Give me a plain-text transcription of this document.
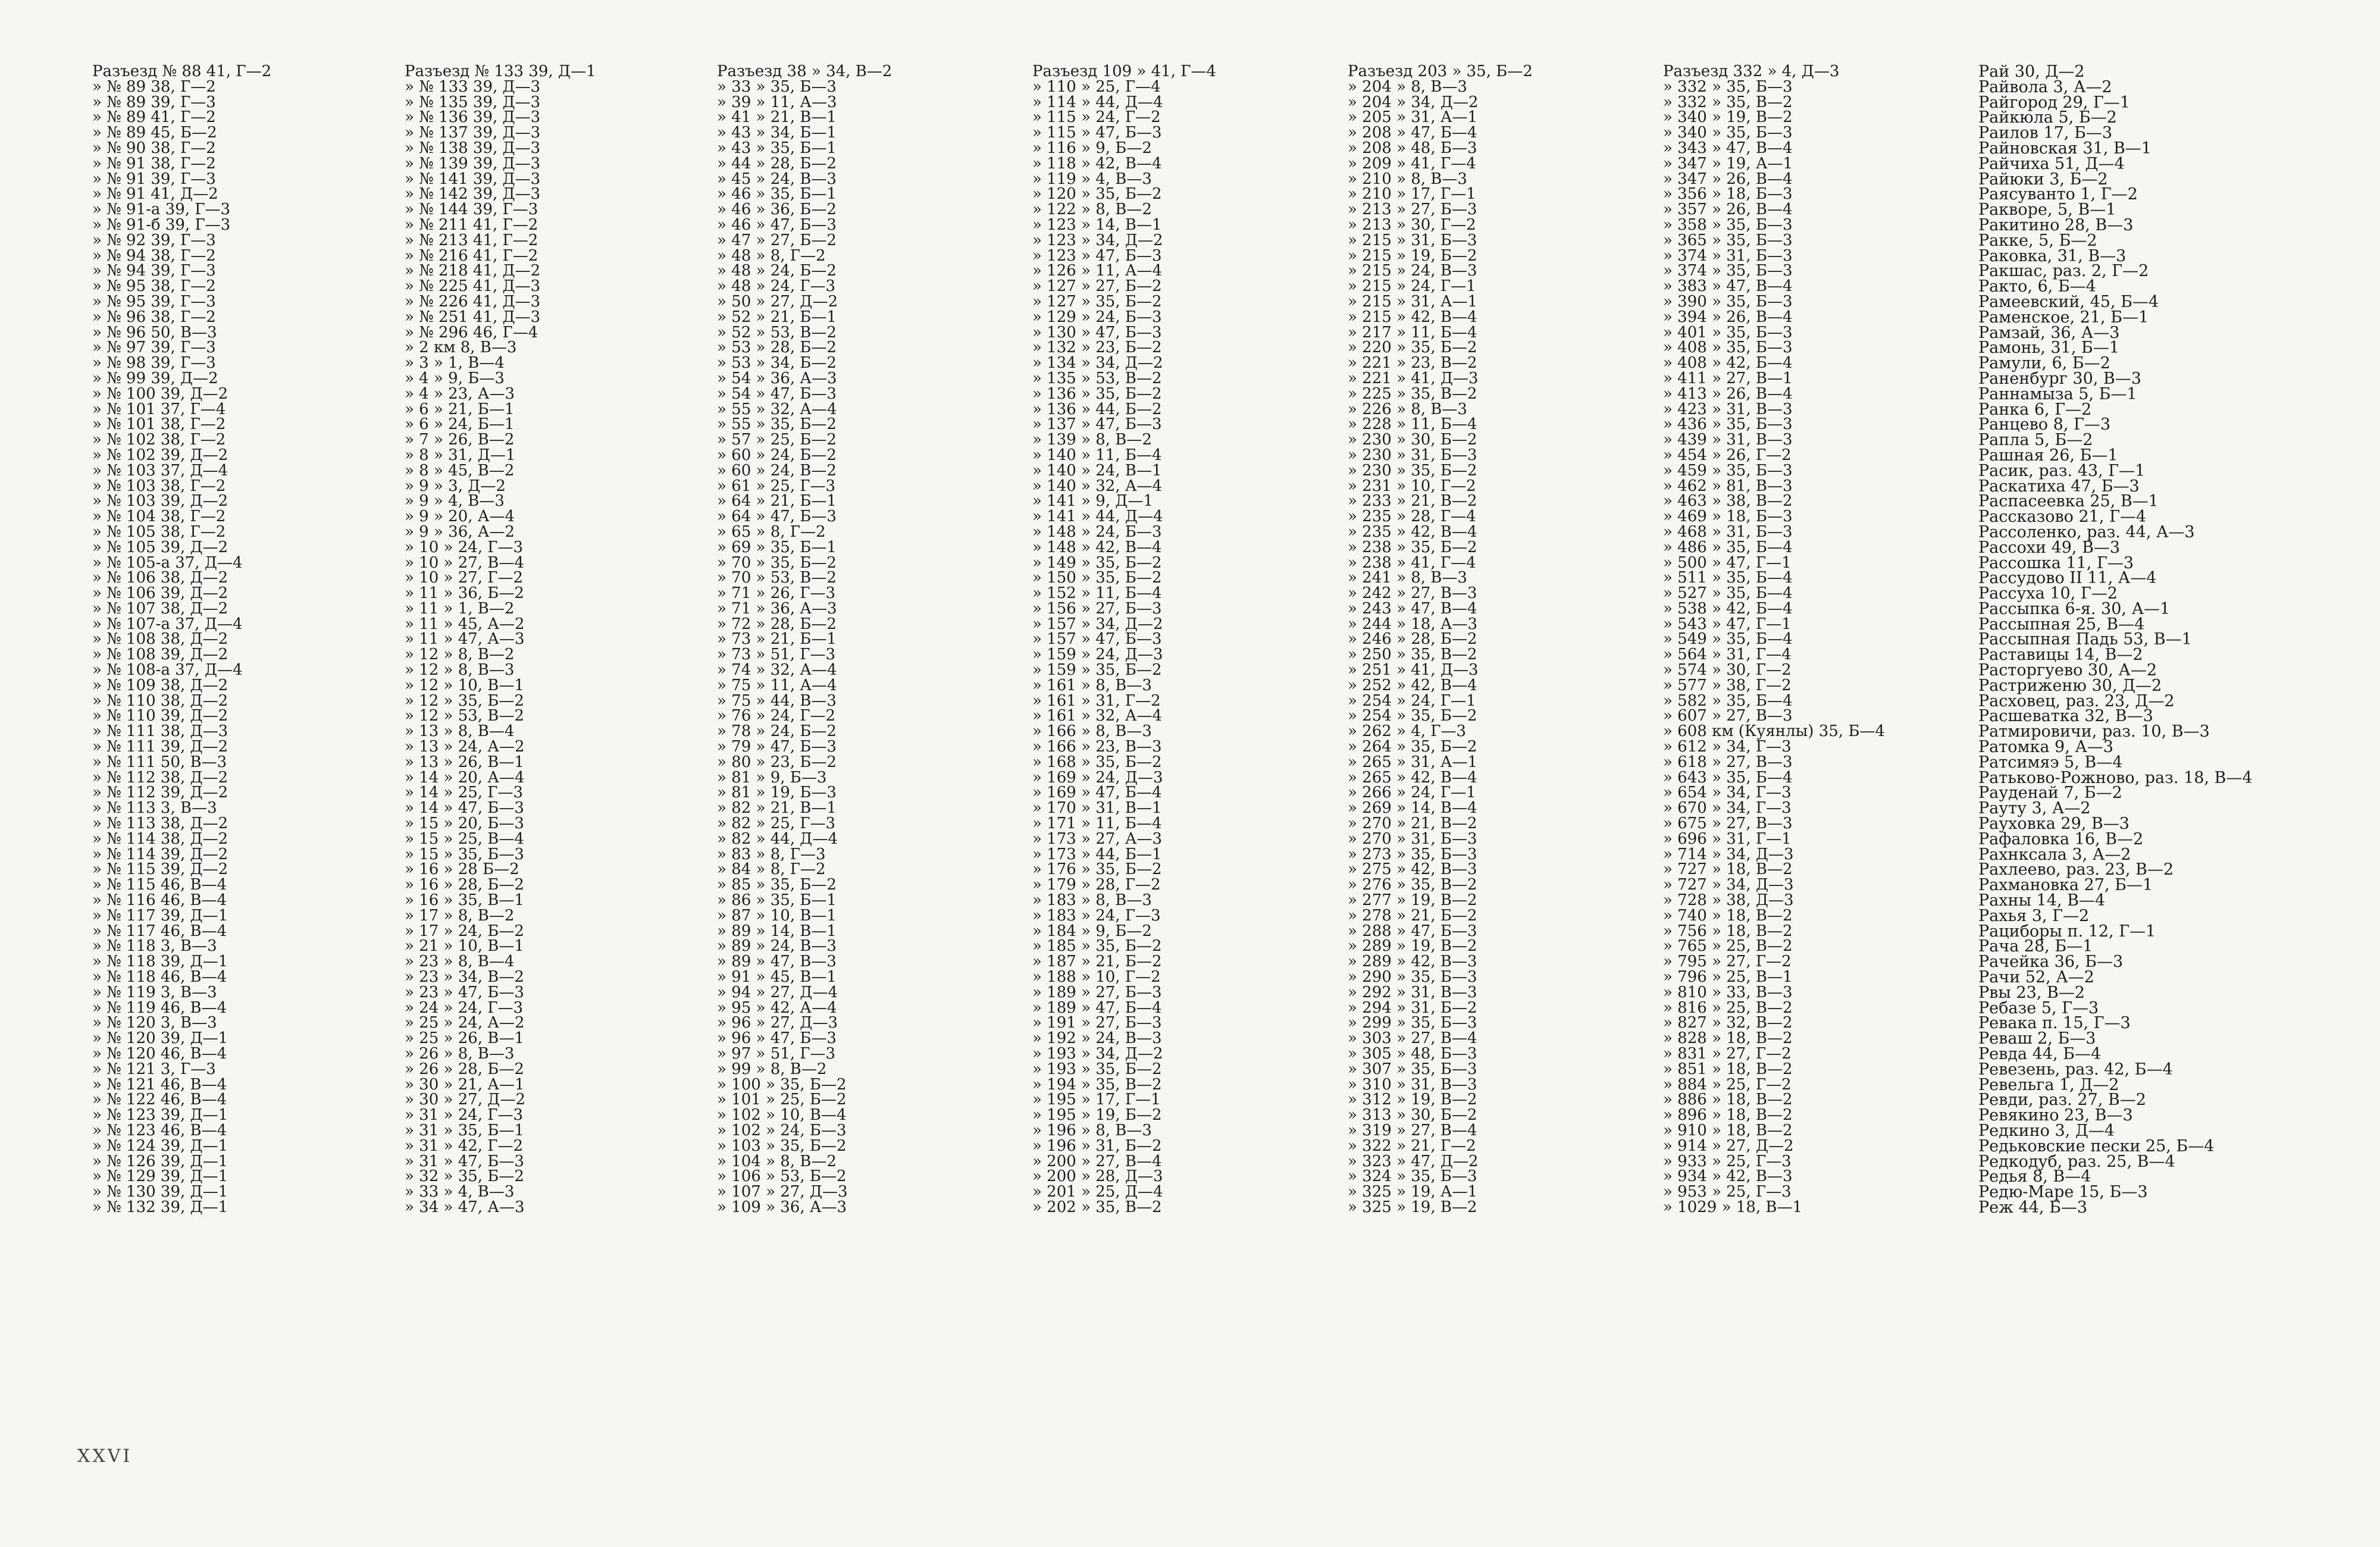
Разъезд № 88 41, Г—2
» № 89 38, Г—2
» № 89 39, Г—3
» № 89 41, Г—2
» № 89 45, Б—2
» № 90 38, Г—2
» № 91 38, Г—2
» № 91 39, Г—3
» № 91 41, Д—2
» № 91-а 39, Г—3
» № 91-б 39, Г—3
» № 92 39, Г—3
» № 94 38, Г—2
» № 94 39, Г—3
» № 95 38, Г—2
» № 95 39, Г—3
» № 96 38, Г—2
» № 96 50, В—3
» № 97 39, Г—3
» № 98 39, Г—3
» № 99 39, Д—2
» № 100 39, Д—2
» № 101 37, Г—4
» № 101 38, Г—2
» № 102 38, Г—2
» № 102 39, Д—2
» № 103 37, Д—4
» № 103 38, Г—2
» № 103 39, Д—2
» № 104 38, Г—2
» № 105 38, Г—2
» № 105 39, Д—2
» № 105-а 37, Д—4
» № 106 38, Д—2
» № 106 39, Д—2
» № 107 38, Д—2
» № 107-а 37, Д—4
» № 108 38, Д—2
» № 108 39, Д—2
» № 108-а 37, Д—4
» № 109 38, Д—2
» № 110 38, Д—2
» № 110 39, Д—2
» № 111 38, Д—3
» № 111 39, Д—2
» № 111 50, В—3
» № 112 38, Д—2
» № 112 39, Д—2
» № 113 3, В—3
» № 113 38, Д—2
» № 114 38, Д—2
» № 114 39, Д—2
» № 115 39, Д—2
» № 115 46, В—4
» № 116 46, В—4
» № 117 39, Д—1
» № 117 46, В—4
» № 118 3, В—3
» № 118 39, Д—1
» № 118 46, В—4
» № 119 3, В—3
» № 119 46, В—4
» № 120 3, В—3
» № 120 39, Д—1
» № 120 46, В—4
» № 121 3, Г—3
» № 121 46, В—4
» № 122 46, В—4
» № 123 39, Д—1
» № 123 46, В—4
» № 124 39, Д—1
» № 126 39, Д—1
» № 129 39, Д—1
» № 130 39, Д—1
» № 132 39, Д—1
Разъезд № 133 39, Д—1
» № 133 39, Д—3
» № 135 39, Д—3
» № 136 39, Д—3
» № 137 39, Д—3
» № 138 39, Д—3
» № 139 39, Д—3
» № 141 39, Д—3
» № 142 39, Д—3
» № 144 39, Г—3
» № 211 41, Г—2
» № 213 41, Г—2
» № 216 41, Г—2
» № 218 41, Д—2
» № 225 41, Д—3
» № 226 41, Д—3
» № 251 41, Д—3
» № 296 46, Г—4
» 2 км 8, В—3
» 3 » 1, В—4
» 4 » 9, Б—3
» 4 » 23, А—3
» 6 » 21, Б—1
» 6 » 24, Б—1
» 7 » 26, В—2
» 8 » 31, Д—1
» 8 » 45, В—2
» 9 » 3, Д—2
» 9 » 4, В—3
» 9 » 20, А—4
» 9 » 36, А—2
» 10 » 24, Г—3
» 10 » 27, В—4
» 10 » 27, Г—2
» 11 » 36, Б—2
» 11 » 1, В—2
» 11 » 45, А—2
» 11 » 47, А—3
» 12 » 8, В—2
» 12 » 8, В—3
» 12 » 10, В—1
» 12 » 35, Б—2
» 12 » 53, В—2
» 13 » 8, В—4
» 13 » 24, А—2
» 13 » 26, В—1
» 14 » 20, А—4
» 14 » 25, Г—3
» 14 » 47, Б—3
» 15 » 20, Б—3
» 15 » 25, В—4
» 15 » 35, Б—3
» 16 » 28 Б—2
» 16 » 28, Б—2
» 16 » 35, В—1
» 17 » 8, В—2
» 17 » 24, Б—2
» 21 » 10, В—1
» 23 » 8, В—4
» 23 » 34, В—2
» 23 » 47, Б—3
» 24 » 24, Г—3
» 25 » 24, А—2
» 25 » 26, В—1
» 26 » 8, В—3
» 26 » 28, Б—2
» 30 » 21, А—1
» 30 » 27, Д—2
» 31 » 24, Г—3
» 31 » 35, Б—1
» 31 » 42, Г—2
» 31 » 47, Б—3
» 32 » 35, Б—2
» 33 » 4, В—3
» 34 » 47, А—3
Разъезд 38 » 34, В—2
» 33 » 35, Б—3
» 39 » 11, А—3
» 41 » 21, В—1
» 43 » 34, Б—1
» 43 » 35, Б—1
» 44 » 28, Б—2
» 45 » 24, В—3
» 46 » 35, Б—1
» 46 » 36, Б—2
» 46 » 47, Б—3
» 47 » 27, Б—2
» 48 » 8, Г—2
» 48 » 24, Б—2
» 48 » 24, Г—3
» 50 » 27, Д—2
» 52 » 21, Б—1
» 52 » 53, В—2
» 53 » 28, Б—2
» 53 » 34, Б—2
» 54 » 36, А—3
» 54 » 47, Б—3
» 55 » 32, А—4
» 55 » 35, Б—2
» 57 » 25, Б—2
» 60 » 24, Б—2
» 60 » 24, В—2
» 61 » 25, Г—3
» 64 » 21, Б—1
» 64 » 47, Б—3
» 65 » 8, Г—2
» 69 » 35, Б—1
» 70 » 35, Б—2
» 70 » 53, В—2
» 71 » 26, Г—3
» 71 » 36, А—3
» 72 » 28, Б—2
» 73 » 21, Б—1
» 73 » 51, Г—3
» 74 » 32, А—4
» 75 » 11, А—4
» 75 » 44, В—3
» 76 » 24, Г—2
» 78 » 24, Б—2
» 79 » 47, Б—3
» 80 » 23, Б—2
» 81 » 9, Б—3
» 81 » 19, Б—3
» 82 » 21, В—1
» 82 » 25, Г—3
» 82 » 44, Д—4
» 83 » 8, Г—3
» 84 » 8, Г—2
» 85 » 35, Б—2
» 86 » 35, Б—1
» 87 » 10, В—1
» 89 » 14, В—1
» 89 » 24, В—3
» 89 » 47, В—3
» 91 » 45, В—1
» 94 » 27, Д—4
» 95 » 42, А—4
» 96 » 27, Д—3
» 96 » 47, Б—3
» 97 » 51, Г—3
» 99 » 8, В—2
» 100 » 35, Б—2
» 101 » 25, Б—2
» 102 » 10, В—4
» 102 » 24, Б—3
» 103 » 35, Б—2
» 104 » 8, В—2
» 106 » 53, Б—2
» 107 » 27, Д—3
» 109 » 36, А—3
Разъезд 109 » 41, Г—4
» 110 » 25, Г—4
» 114 » 44, Д—4
» 115 » 24, Г—2
» 115 » 47, Б—3
» 116 » 9, Б—2
» 118 » 42, В—4
» 119 » 4, В—3
» 120 » 35, Б—2
» 122 » 8, В—2
» 123 » 14, В—1
» 123 » 34, Д—2
» 123 » 47, Б—3
» 126 » 11, А—4
» 127 » 27, Б—2
» 127 » 35, Б—2
» 129 » 24, Б—3
» 130 » 47, Б—3
» 132 » 23, Б—2
» 134 » 34, Д—2
» 135 » 53, В—2
» 136 » 35, Б—2
» 136 » 44, Б—2
» 137 » 47, Б—3
» 139 » 8, В—2
» 140 » 11, Б—4
» 140 » 24, В—1
» 140 » 32, А—4
» 141 » 9, Д—1
» 141 » 44, Д—4
» 148 » 24, Б—3
» 148 » 42, В—4
» 149 » 35, Б—2
» 150 » 35, Б—2
» 152 » 11, Б—4
» 156 » 27, Б—3
» 157 » 34, Д—2
» 157 » 47, Б—3
» 159 » 24, Д—3
» 159 » 35, Б—2
» 161 » 8, В—3
» 161 » 31, Г—2
» 161 » 32, А—4
» 166 » 8, В—3
» 166 » 23, В—3
» 168 » 35, Б—2
» 169 » 24, Д—3
» 169 » 47, Б—4
» 170 » 31, В—1
» 171 » 11, Б—4
» 173 » 27, А—3
» 173 » 44, Б—1
» 176 » 35, Б—2
» 179 » 28, Г—2
» 183 » 8, В—3
» 183 » 24, Г—3
» 184 » 9, Б—2
» 185 » 35, Б—2
» 187 » 21, Б—2
» 188 » 10, Г—2
» 189 » 27, Б—3
» 189 » 47, Б—4
» 191 » 27, Б—3
» 192 » 24, В—3
» 193 » 34, Д—2
» 193 » 35, Б—2
» 194 » 35, В—2
» 195 » 17, Г—1
» 195 » 19, Б—2
» 196 » 8, В—3
» 196 » 31, Б—2
» 200 » 27, В—4
» 200 » 28, Д—3
» 201 » 25, Д—4
» 202 » 35, В—2
Разъезд 203 » 35, Б—2
» 204 » 8, В—3
» 204 » 34, Д—2
» 205 » 31, А—1
» 208 » 47, Б—4
» 208 » 48, Б—3
» 209 » 41, Г—4
» 210 » 8, В—3
» 210 » 17, Г—1
» 213 » 27, Б—3
» 213 » 30, Г—2
» 215 » 31, Б—3
» 215 » 19, Б—2
» 215 » 24, В—3
» 215 » 24, Г—1
» 215 » 31, А—1
» 215 » 42, В—4
» 217 » 11, Б—4
» 220 » 35, Б—2
» 221 » 23, В—2
» 221 » 41, Д—3
» 225 » 35, В—2
» 226 » 8, В—3
» 228 » 11, Б—4
» 230 » 30, Б—2
» 230 » 31, Б—3
» 230 » 35, Б—2
» 231 » 10, Г—2
» 233 » 21, В—2
» 235 » 28, Г—4
» 235 » 42, В—4
» 238 » 35, Б—2
» 238 » 41, Г—4
» 241 » 8, В—3
» 242 » 27, В—3
» 243 » 47, В—4
» 244 » 18, А—3
» 246 » 28, Б—2
» 250 » 35, В—2
» 251 » 41, Д—3
» 252 » 42, В—4
» 254 » 24, Г—1
» 254 » 35, Б—2
» 262 » 4, Г—3
» 264 » 35, Б—2
» 265 » 31, А—1
» 265 » 42, В—4
» 266 » 24, Г—1
» 269 » 14, В—4
» 270 » 21, В—2
» 270 » 31, Б—3
» 273 » 35, Б—3
» 275 » 42, В—3
» 276 » 35, В—2
» 277 » 19, В—2
» 278 » 21, Б—2
» 288 » 47, Б—3
» 289 » 19, В—2
» 289 » 42, В—3
» 290 » 35, Б—3
» 292 » 31, В—3
» 294 » 31, Б—2
» 299 » 35, Б—3
» 303 » 27, В—4
» 305 » 48, Б—3
» 307 » 35, Б—3
» 310 » 31, В—3
» 312 » 19, В—2
» 313 » 30, Б—2
» 319 » 27, В—4
» 322 » 21, Г—2
» 323 » 47, Д—2
» 324 » 35, Б—3
» 325 » 19, А—1
» 325 » 19, В—2
Разъезд 332 » 4, Д—3
» 332 » 35, Б—3
» 332 » 35, В—2
» 340 » 19, В—2
» 340 » 35, Б—3
» 343 » 47, В—4
» 347 » 19, А—1
» 347 » 26, В—4
» 356 » 18, Б—3
» 357 » 26, В—4
» 358 » 35, Б—3
» 365 » 35, Б—3
» 374 » 31, Б—3
» 374 » 35, Б—3
» 383 » 47, В—4
» 390 » 35, Б—3
» 394 » 26, В—4
» 401 » 35, Б—3
» 408 » 35, Б—3
» 408 » 42, Б—4
» 411 » 27, В—1
» 413 » 26, В—4
» 423 » 31, В—3
» 436 » 35, Б—3
» 439 » 31, В—3
» 454 » 26, Г—2
» 459 » 35, Б—3
» 462 » 81, В—3
» 463 » 38, В—2
» 469 » 18, Б—3
» 468 » 31, Б—3
» 486 » 35, Б—4
» 500 » 47, Г—1
» 511 » 35, Б—4
» 527 » 35, Б—4
» 538 » 42, Б—4
» 543 » 47, Г—1
» 549 » 35, Б—4
» 564 » 31, Г—4
» 574 » 30, Г—2
» 577 » 38, Г—2
» 582 » 35, Б—4
» 607 » 27, В—3
» 608 км (Куянлы) 35, Б—4
» 612 » 34, Г—3
» 618 » 27, В—3
» 643 » 35, Б—4
» 654 » 34, Г—3
» 670 » 34, Г—3
» 675 » 27, В—3
» 696 » 31, Г—1
» 714 » 34, Д—3
» 727 » 18, В—2
» 727 » 34, Д—3
» 728 » 38, Д—3
» 740 » 18, В—2
» 756 » 18, В—2
» 765 » 25, В—2
» 795 » 27, Г—2
» 796 » 25, В—1
» 810 » 33, В—3
» 816 » 25, В—2
» 827 » 32, В—2
» 828 » 18, В—2
» 831 » 27, Г—2
» 851 » 18, В—2
» 884 » 25, Г—2
» 886 » 18, В—2
» 896 » 18, В—2
» 910 » 18, В—2
» 914 » 27, Д—2
» 933 » 25, Г—3
» 934 » 42, В—3
» 953 » 25, Г—3
» 1029 » 18, В—1
Рай 30, Д—2
Райвола 3, А—2
Райгород 29, Г—1
Райкюла 5, Б—2
Раилов 17, Б—3
Райновская 31, В—1
Райчиха 51, Д—4
Райюки 3, Б—2
Раясуванто 1, Г—2
Ракворе, 5, В—1
Ракитино 28, В—3
Ракке, 5, Б—2
Раковка, 31, В—3
Ракшас, раз. 2, Г—2
Ракто, 6, Б—4
Рамеевский, 45, Б—4
Раменское, 21, Б—1
Рамзай, 36, А—3
Рамонь, 31, Б—1
Рамули, 6, Б—2
Раненбург 30, В—3
Раннамыза 5, Б—1
Ранка 6, Г—2
Ранцево 8, Г—3
Рапла 5, Б—2
Рашная 26, Б—1
Расик, раз. 43, Г—1
Раскатиха 47, Б—3
Распасеевка 25, В—1
Рассказово 21, Г—4
Рассоленко, раз. 44, А—3
Рассохи 49, В—3
Рассошка 11, Г—3
Рассудово II 11, А—4
Рассуха 10, Г—2
Рассыпка 6-я. 30, А—1
Рассыпная 25, В—4
Рассыпная Падь 53, В—1
Раставицы 14, В—2
Расторгуево 30, А—2
Растриженю 30, Д—2
Расховец, раз. 23, Д—2
Расшеватка 32, В—3
Ратмировичи, раз. 10, В—3
Ратомка 9, А—3
Ратсимяэ 5, В—4
Ратьково-Рожново, раз. 18, В—4
Рауденай 7, Б—2
Рауту 3, А—2
Рауховка 29, В—3
Рафаловка 16, В—2
Рахнксала 3, А—2
Рахлеево, раз. 23, В—2
Рахмановка 27, Б—1
Рахны 14, В—4
Рахья 3, Г—2
Рациборы п. 12, Г—1
Рача 28, Б—1
Рачейка 36, Б—3
Рачи 52, А—2
Рвы 23, В—2
Ребазе 5, Г—3
Ревака п. 15, Г—3
Реваш 2, Б—3
Ревда 44, Б—4
Ревезень, раз. 42, Б—4
Ревельга 1, Д—2
Ревди, раз. 27, В—2
Ревякино 23, В—3
Редкино 3, Д—4
Редьковские пески 25, Б—4
Редкодуб, раз. 25, В—4
Редья 8, В—4
Редю-Маре 15, Б—3
Реж 44, Б—3
XXVI
